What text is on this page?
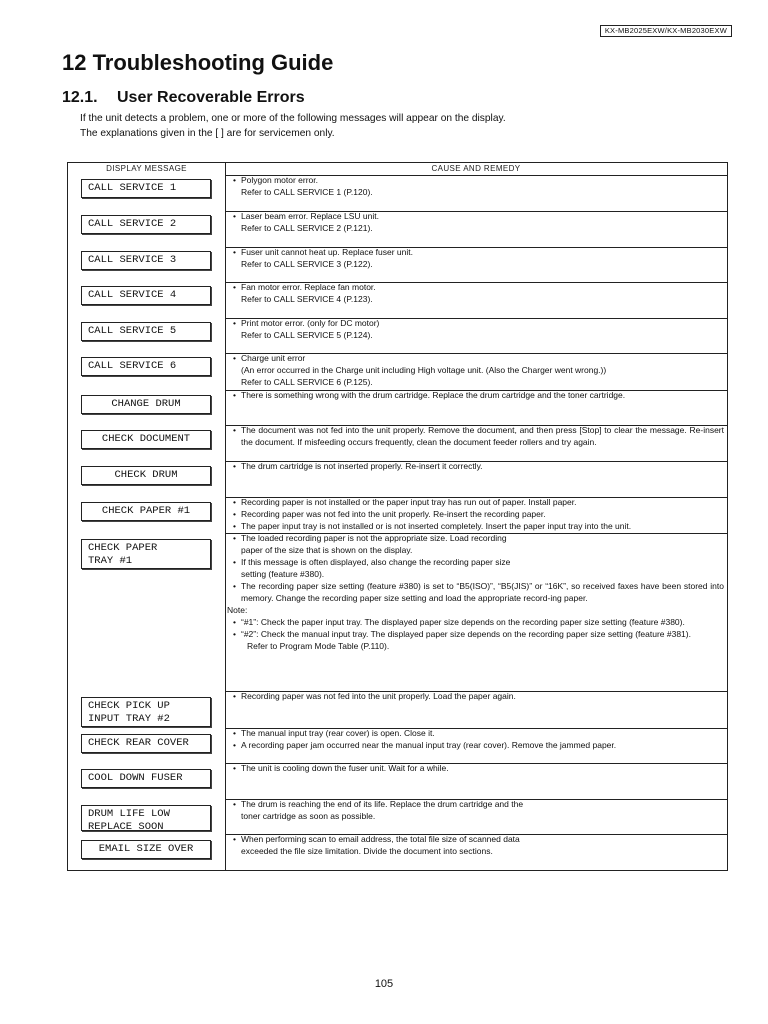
KX-MB2025EXW/KX-MB2030EXW
12 Troubleshooting Guide
12.1. User Recoverable Errors

If the unit detects a problem, one or more of the following messages will appear on the display.

The explanations given in the [ ] are for servicemen only.

DISPLAY MESSAGE	CAUSE AND REMEDY
CALL SERVICE 1
• Polygon motor error.
Refer to CALL SERVICE 1 (P.120).
CALL SERVICE 2
• Laser beam error. Replace LSU unit.
Refer to CALL SERVICE 2 (P.121).
CALL SERVICE 3
• Fuser unit cannot heat up. Replace fuser unit.
Refer to CALL SERVICE 3 (P.122).
CALL SERVICE 4
• Fan motor error. Replace fan motor.
Refer to CALL SERVICE 4 (P.123).
CALL SERVICE 5
• Print motor error. (only for DC motor)
Refer to CALL SERVICE 5 (P.124).
CALL SERVICE 6
• Charge unit error
(An error occurred in the Charge unit including High voltage unit. (Also the Charger went wrong.))
Refer to CALL SERVICE 6 (P.125).
CHANGE DRUM
• There is something wrong with the drum cartridge. Replace the drum cartridge and the toner cartridge.
CHECK DOCUMENT
• The document was not fed into the unit properly. Remove the document, and then press [Stop] to clear the message. Re-insert the document. If misfeeding occurs frequently, clean the document feeder rollers and try again.
CHECK DRUM
• The drum cartridge is not inserted properly. Re-insert it correctly.
CHECK PAPER #1
• Recording paper is not installed or the paper input tray has run out of paper. Install paper.
• Recording paper was not fed into the unit properly. Re-insert the recording paper.
• The paper input tray is not installed or is not inserted completely. Insert the paper input tray into the unit.
CHECK PAPER
TRAY #1
• The loaded recording paper is not the appropriate size. Load recording
paper of the size that is shown on the display.
• If this message is often displayed, also change the recording paper size
setting (feature #380).
• The recording paper size setting (feature #380) is set to “B5(ISO)”, “B5(JIS)” or “16K”, so received faxes have been stored into memory. Change the recording paper size setting and load the appropriate record-ing paper.
Note:
• “#1”: Check the paper input tray. The displayed paper size depends on the recording paper size setting (feature #380).
• “#2”: Check the manual input tray. The displayed paper size depends on the recording paper size setting (feature #381).
Refer to Program Mode Table (P.110).
CHECK PICK UP
INPUT TRAY #2
• Recording paper was not fed into the unit properly. Load the paper again.
CHECK REAR COVER
• The manual input tray (rear cover) is open. Close it.
• A recording paper jam occurred near the manual input tray (rear cover). Remove the jammed paper.
COOL DOWN FUSER
• The unit is cooling down the fuser unit. Wait for a while.
DRUM LIFE LOW
REPLACE SOON
• The drum is reaching the end of its life. Replace the drum cartridge and the
toner cartridge as soon as possible.
EMAIL SIZE OVER
• When performing scan to email address, the total file size of scanned data
exceeded the file size limitation. Divide the document into sections.
105
